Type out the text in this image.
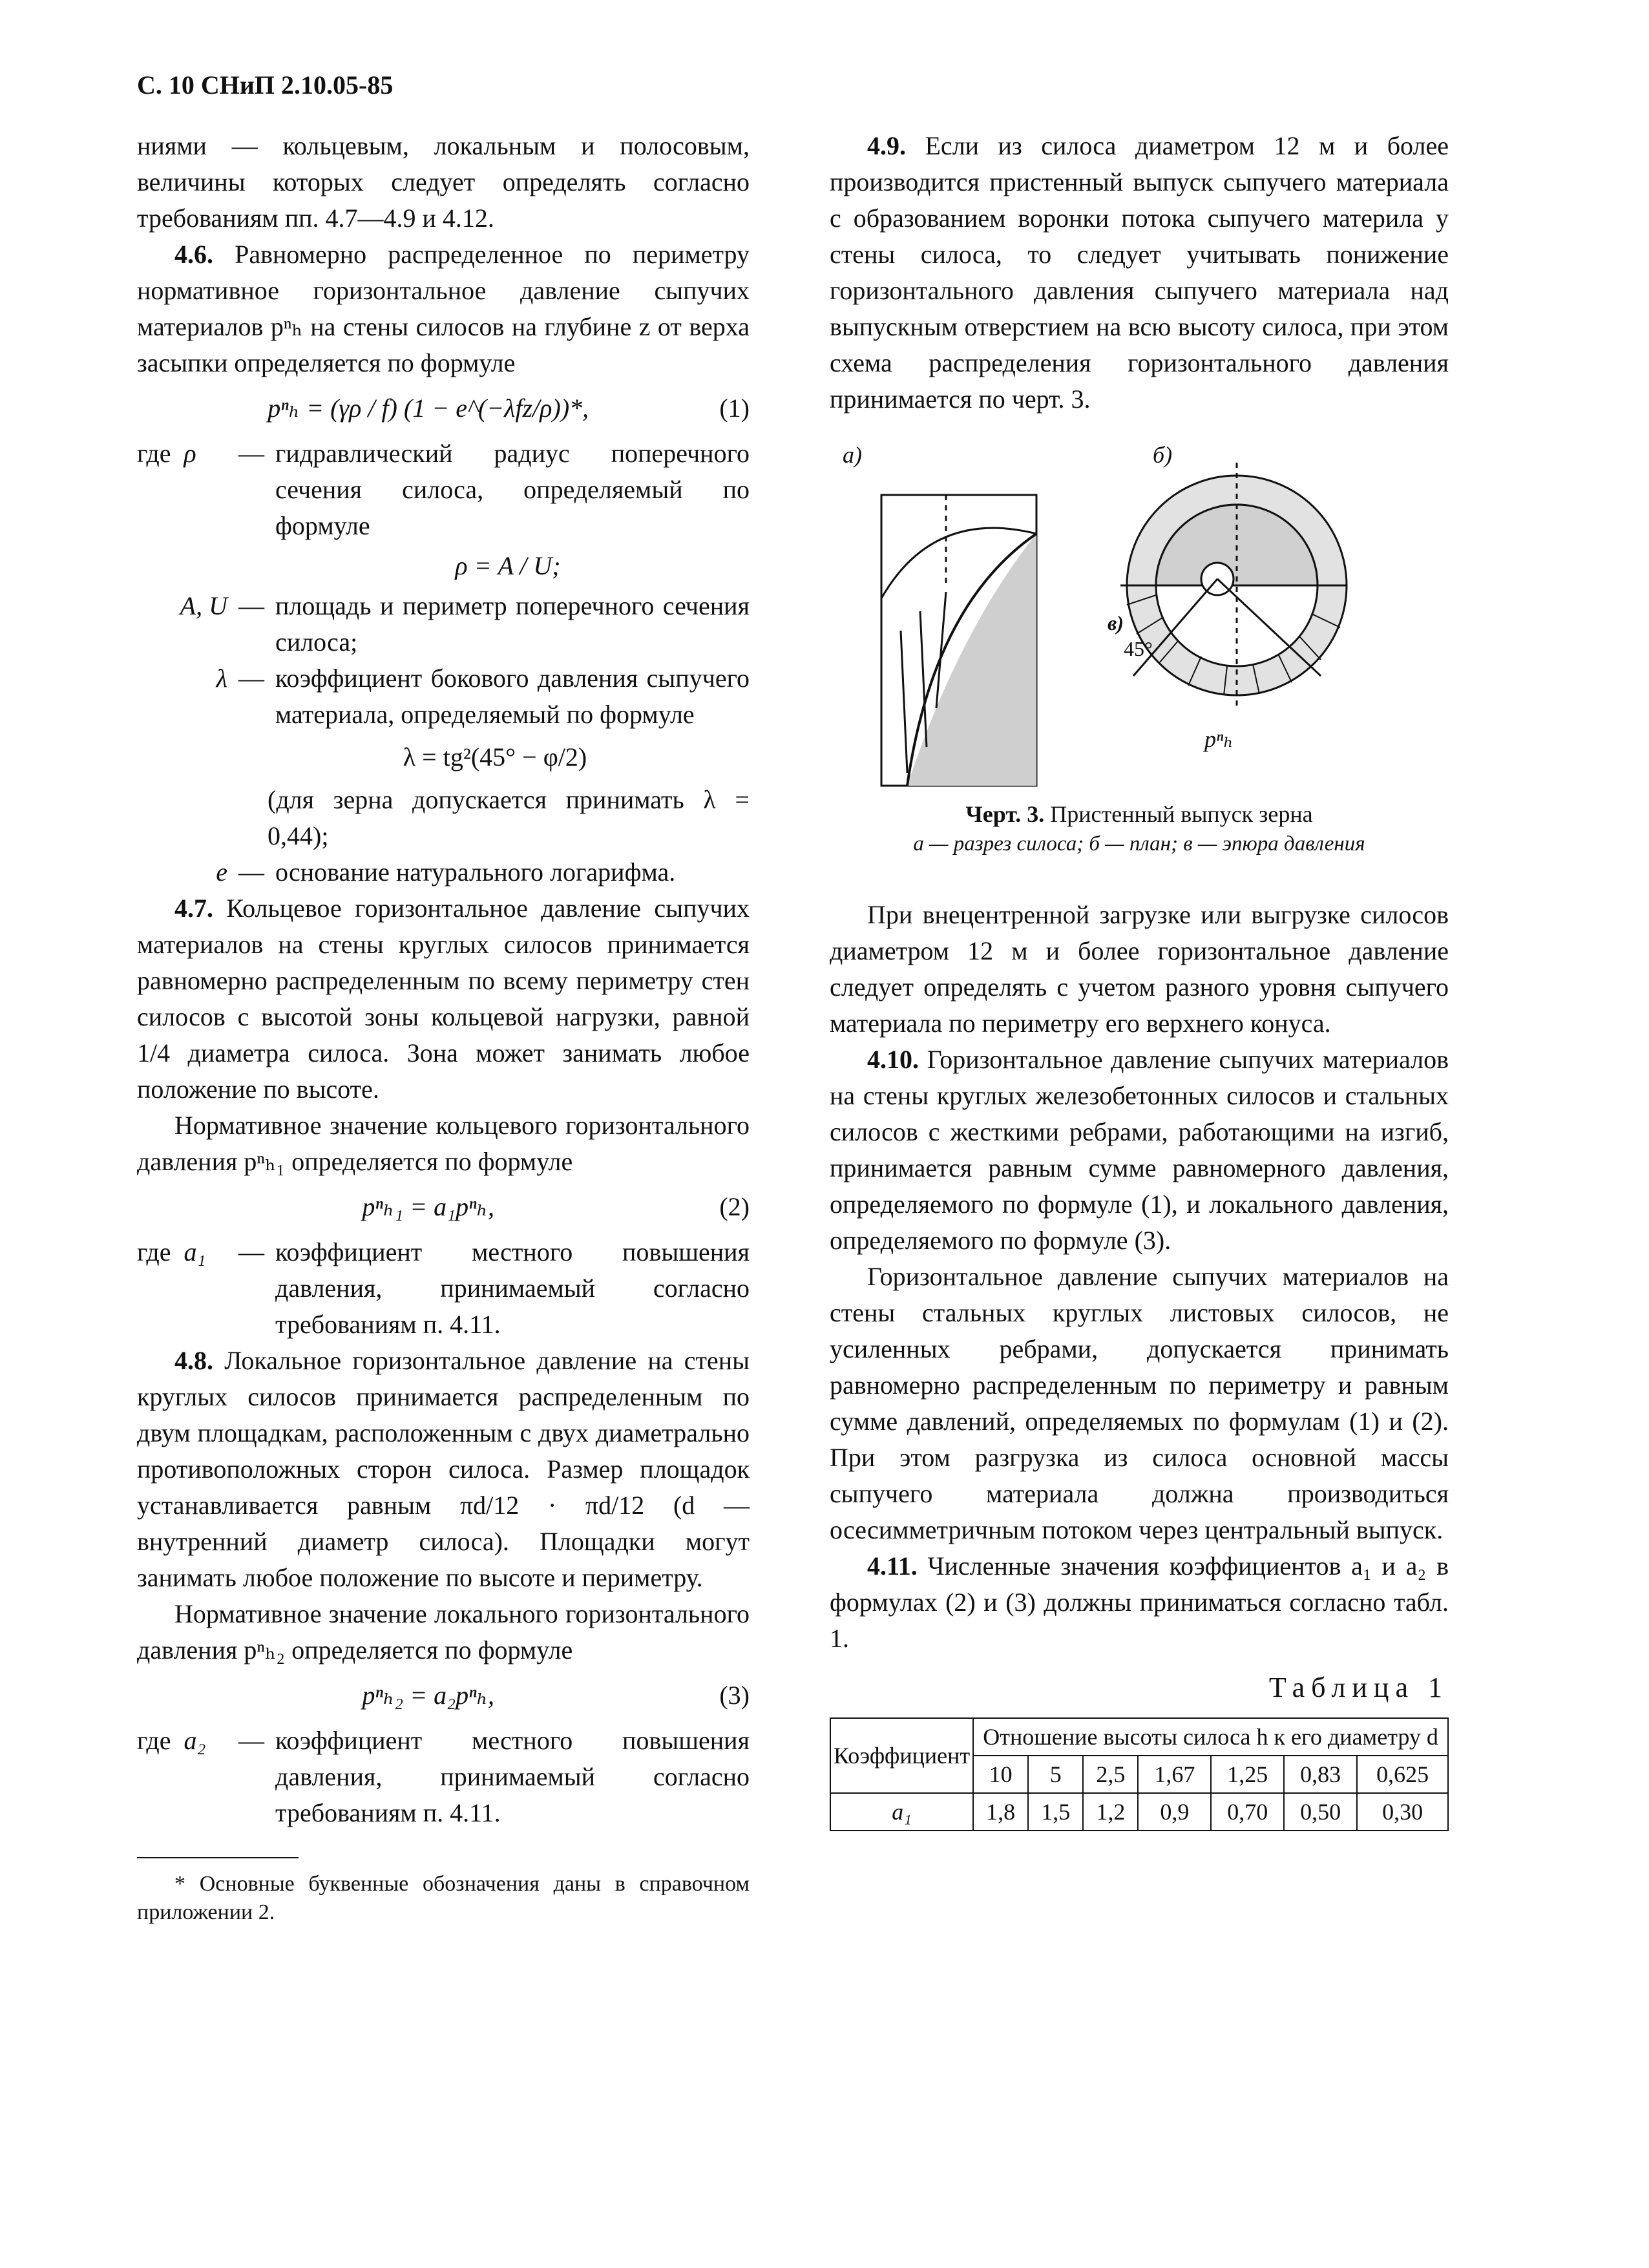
С. 10 СНиП 2.10.05-85

ниями — кольцевым, локальным и полосовым, величины которых следует определять согласно требованиям пп. 4.7—4.9 и 4.12.

4.6. Равномерно распределенное по периметру нормативное горизонтальное давление сыпучих материалов pⁿₕ на стены силосов на глубине z от верха засыпки определяется по формуле

pⁿₕ = (γρ / f) (1 − e^(−λfz/ρ))*,	(1)
где ρ	— гидравлический радиус поперечного сечения силоса, определяемый по формуле

ρ = A / U;

A, U — площадь и периметр поперечного сечения силоса;
λ — коэффициент бокового давления сыпучего материала, определяемый по формуле

λ = tg²(45° − φ/2)

(для зерна допускается принимать λ = 0,44);

e — основание натурального логарифма.

4.7. Кольцевое горизонтальное давление сыпучих материалов на стены круглых силосов принимается равномерно распределенным по всему периметру стен силосов с высотой зоны кольцевой нагрузки, равной 1/4 диаметра силоса. Зона может занимать любое положение по высоте.

Нормативное значение кольцевого горизонтального давления pⁿₕ₁ определяется по формуле

pⁿₕ₁ = a₁pⁿₕ,	(2)
где a₁	— коэффициент местного повышения давления, принимаемый согласно требованиям п. 4.11.

4.8. Локальное горизонтальное давление на стены круглых силосов принимается распределенным по двум площадкам, расположенным с двух диаметрально противоположных сторон силоса. Размер площадок устанавливается равным πd/12 · πd/12 (d — внутренний диаметр силоса). Площадки могут занимать любое положение по высоте и периметру.

Нормативное значение локального горизонтального давления pⁿₕ₂ определяется по формуле

pⁿₕ₂ = a₂pⁿₕ,	(3)
где a₂	— коэффициент местного повышения давления, принимаемый согласно требованиям п. 4.11.

* Основные буквенные обозначения даны в справочном приложении 2.

4.9. Если из силоса диаметром 12 м и более производится пристенный выпуск сыпучего материала с образованием воронки потока сыпучего материла у стены силоса, то следует учитывать понижение горизонтального давления сыпучего материала над выпускным отверстием на всю высоту силоса, при этом схема распределения горизонтального давления принимается по черт. 3.

а)	б)
в)
45°
pⁿₕ

Черт. 3. Пристенный выпуск зерна

а — разрез силоса; б — план; в — эпюра давления

При внецентренной загрузке или выгрузке силосов диаметром 12 м и более горизонтальное давление следует определять с учетом разного уровня сыпучего материала по периметру его верхнего конуса.

4.10. Горизонтальное давление сыпучих материалов на стены круглых железобетонных силосов и стальных силосов с жесткими ребрами, работающими на изгиб, принимается равным сумме равномерного давления, определяемого по формуле (1), и локального давления, определяемого по формуле (3).

Горизонтальное давление сыпучих материалов на стены стальных круглых листовых силосов, не усиленных ребрами, допускается принимать равномерно распределенным по периметру и равным сумме давлений, определяемых по формулам (1) и (2). При этом разгрузка из силоса основной массы сыпучего материала должна производиться осесимметричным потоком через центральный выпуск.

4.11. Численные значения коэффициентов a₁ и a₂ в формулах (2) и (3) должны приниматься согласно табл. 1.

Таблица 1

Коэффициент	Отношение высоты силоса h к его диаметру d						
	10	5	2,5	1,67	1,25	0,83	0,625
a₁	1,8	1,5	1,2	0,9	0,70	0,50	0,30
